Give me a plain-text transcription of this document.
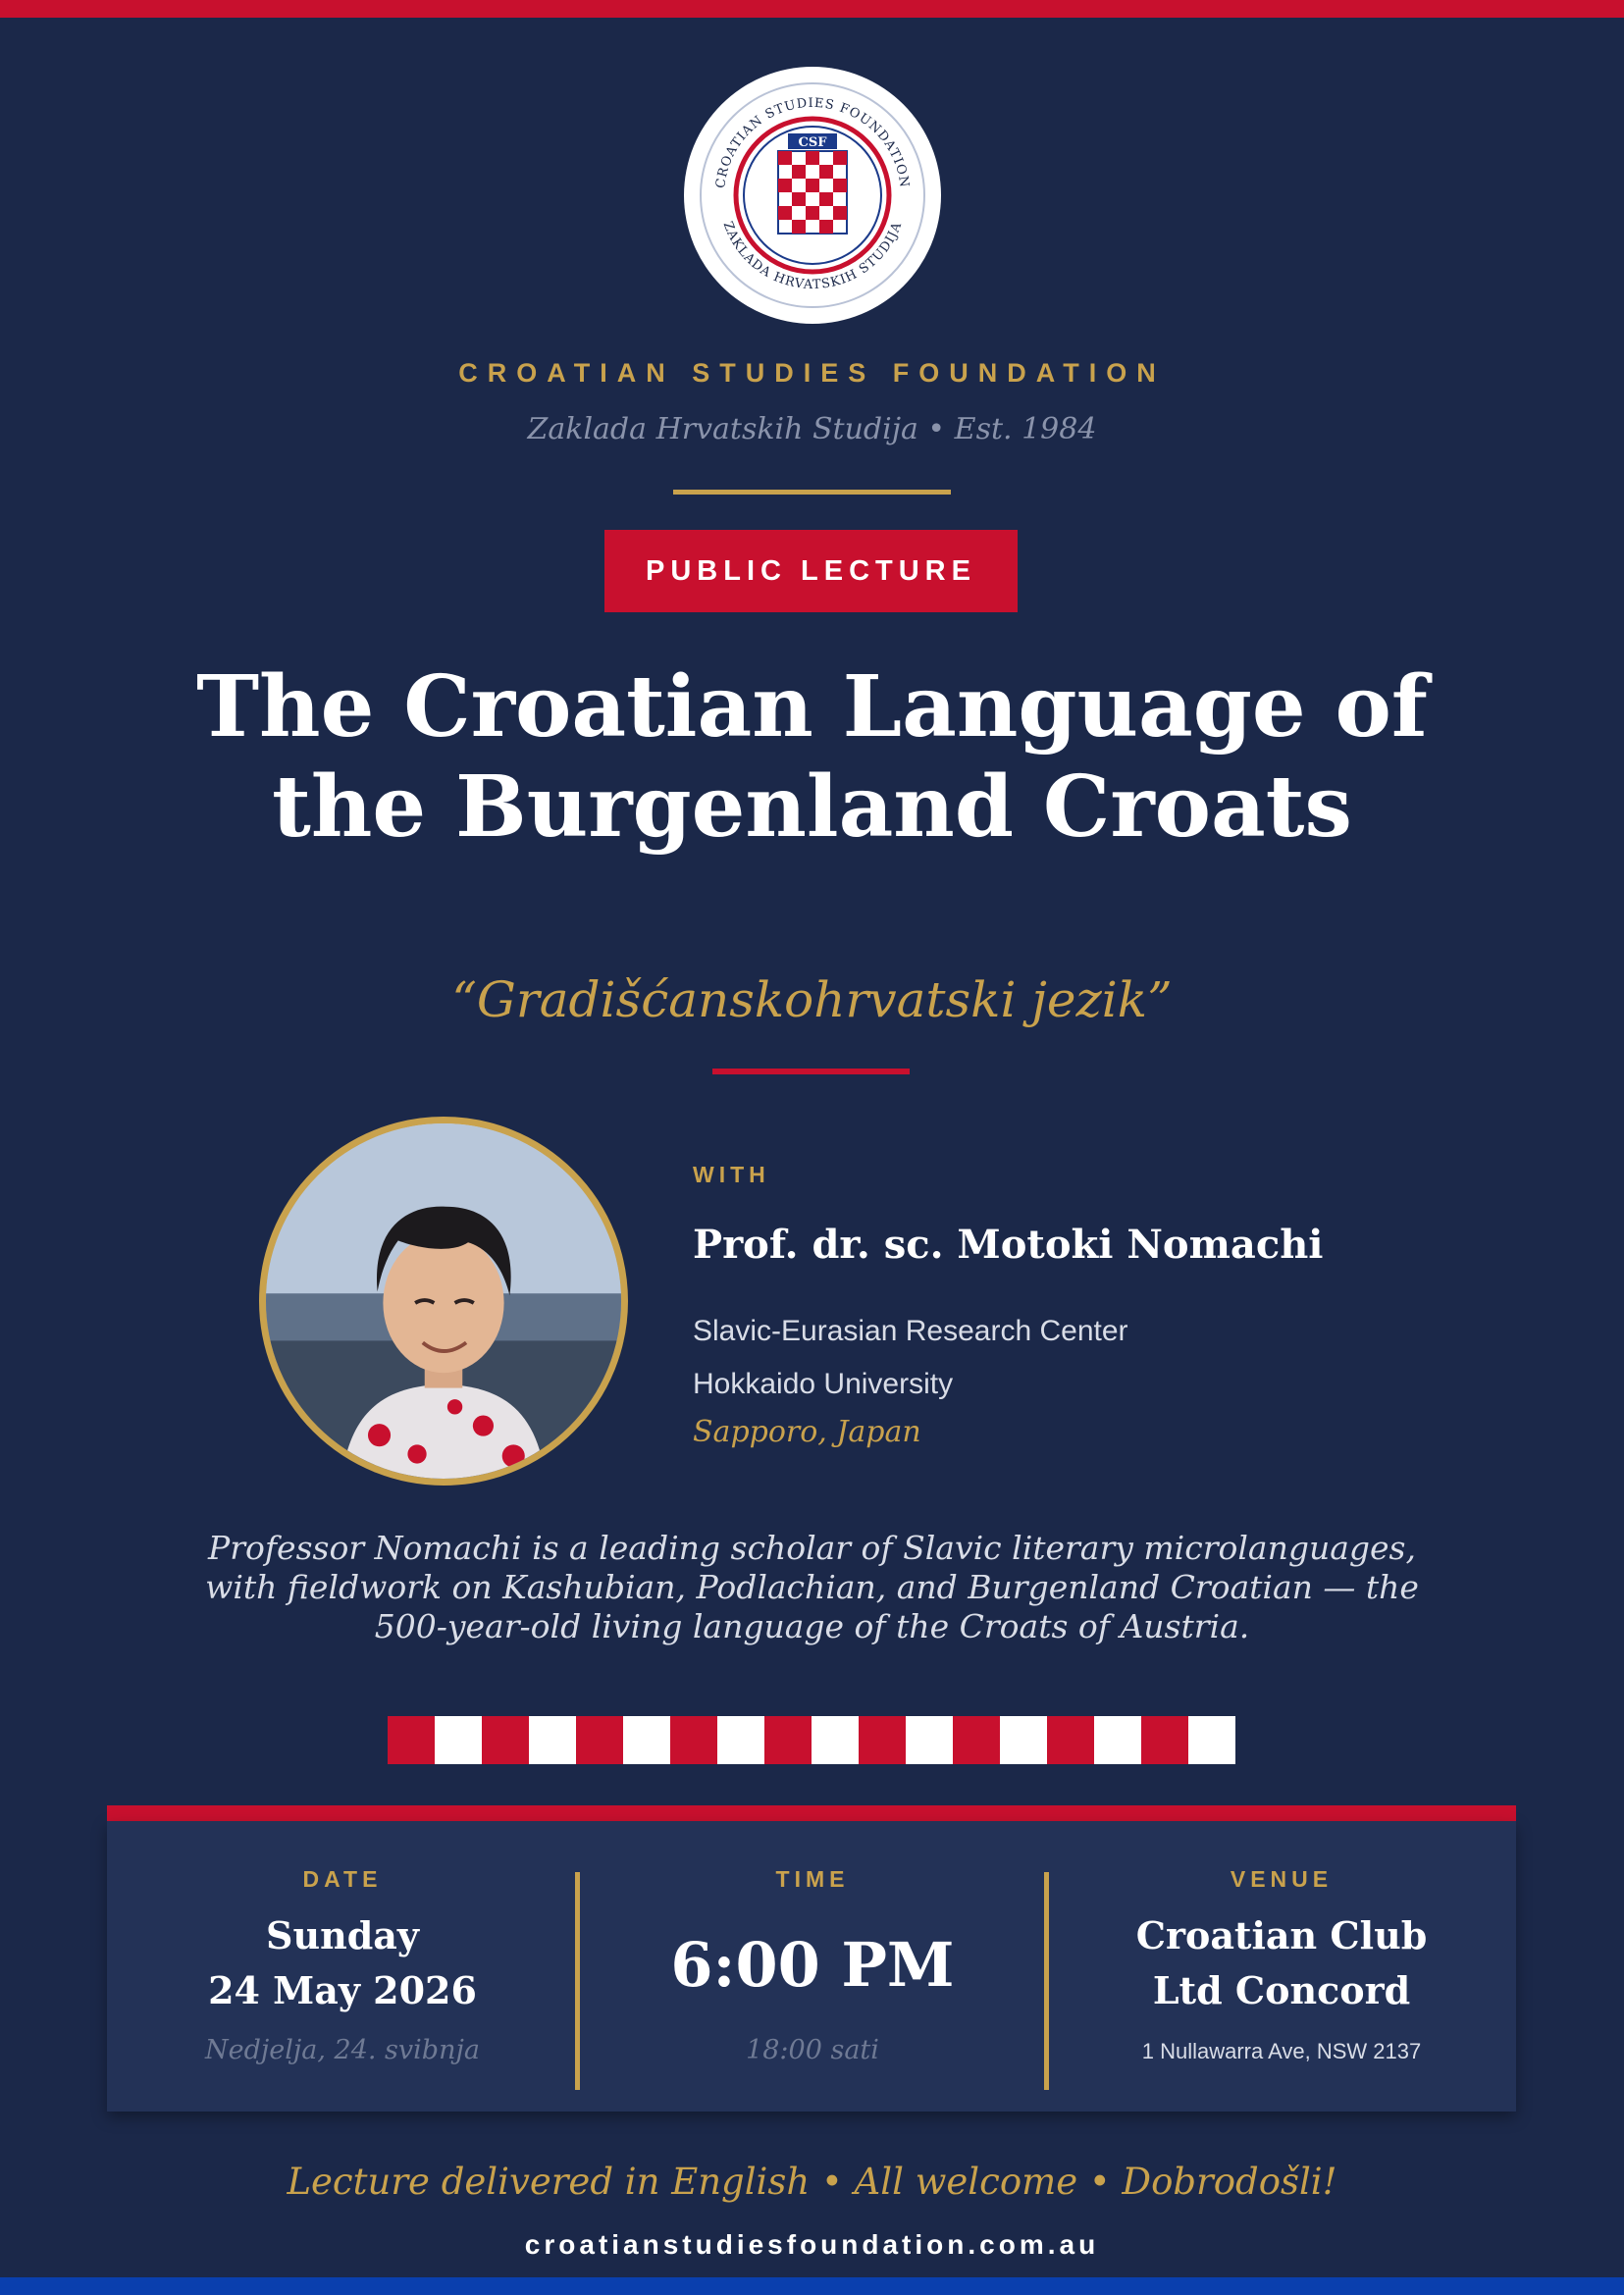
CROATIAN STUDIES FOUNDATION
ZAKLADA HRVATSKIH STUDIJA
CSF
CROATIAN STUDIES FOUNDATION
Zaklada Hrvatskih Studija • Est. 1984
PUBLIC LECTURE
The Croatian Language of
the Burgenland Croats
“Gradišćanskohrvatski jezik”
WITH
Prof. dr. sc. Motoki Nomachi
Slavic-Eurasian Research Center
Hokkaido University
Sapporo, Japan
Professor Nomachi is a leading scholar of Slavic literary microlanguages, with fieldwork on Kashubian, Podlachian, and Burgenland Croatian — the 500-year-old living language of the Croats of Austria.
DATE
Sunday
24 May 2026
Nedjelja, 24. svibnja
TIME
6:00 PM
18:00 sati
VENUE
Croatian Club
Ltd Concord
1 Nullawarra Ave, NSW 2137
Lecture delivered in English • All welcome • Dobrodošli!
croatianstudiesfoundation.com.au
